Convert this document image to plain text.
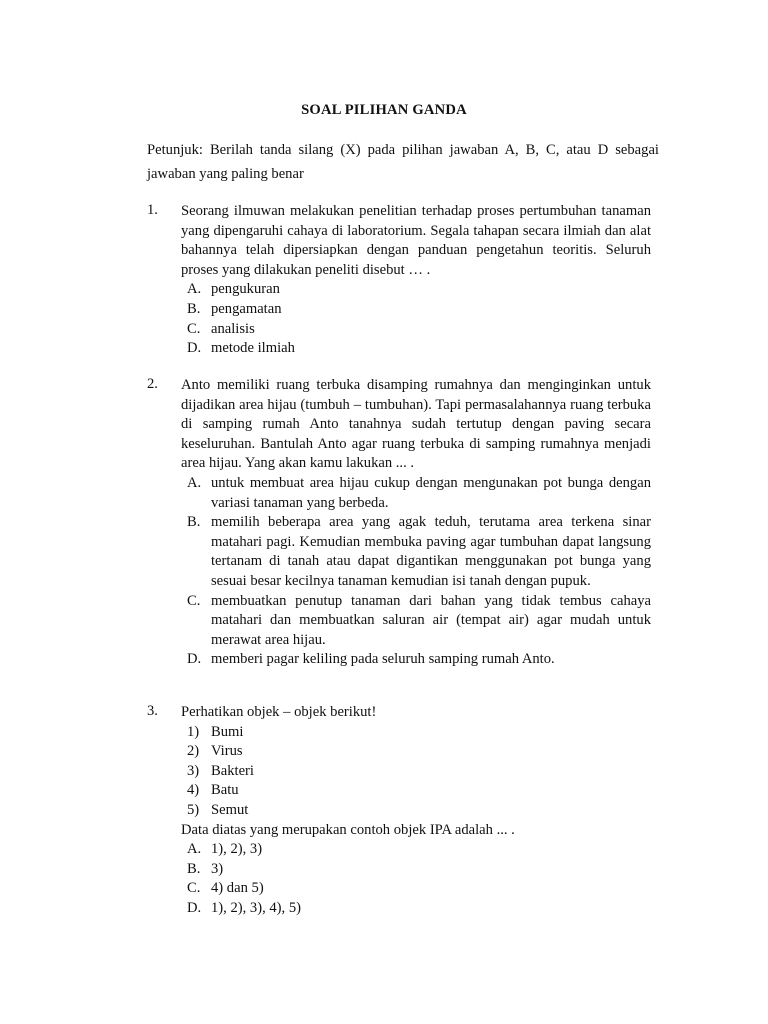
SOAL PILIHAN GANDA
Petunjuk: Berilah tanda silang (X) pada pilihan jawaban A, B, C, atau D sebagai jawaban yang paling benar
1. Seorang ilmuwan melakukan penelitian terhadap proses pertumbuhan tanaman yang dipengaruhi cahaya di laboratorium. Segala tahapan secara ilmiah dan alat bahannya telah dipersiapkan dengan panduan pengetahun teoritis. Seluruh proses yang dilakukan peneliti disebut … .
A. pengukuran
B. pengamatan
C. analisis
D. metode ilmiah
2. Anto memiliki ruang terbuka disamping rumahnya dan menginginkan untuk dijadikan area hijau (tumbuh – tumbuhan). Tapi permasalahannya ruang terbuka di samping rumah Anto tanahnya sudah tertutup dengan paving secara keseluruhan. Bantulah Anto agar ruang terbuka di samping rumahnya menjadi area hijau. Yang akan kamu lakukan ... .
A. untuk membuat area hijau cukup dengan mengunakan pot bunga dengan variasi tanaman yang berbeda.
B. memilih beberapa area yang agak teduh, terutama area terkena sinar matahari pagi. Kemudian membuka paving agar tumbuhan dapat langsung tertanam di tanah atau dapat digantikan menggunakan pot bunga yang sesuai besar kecilnya tanaman kemudian isi tanah dengan pupuk.
C. membuatkan penutup tanaman dari bahan yang tidak tembus cahaya matahari dan membuatkan saluran air (tempat air) agar mudah untuk merawat area hijau.
D. memberi pagar keliling pada seluruh samping rumah Anto.
3. Perhatikan objek – objek berikut!
1) Bumi
2) Virus
3) Bakteri
4) Batu
5) Semut
Data diatas yang merupakan contoh objek IPA adalah ... .
A. 1), 2), 3)
B. 3)
C. 4) dan 5)
D. 1), 2), 3), 4), 5)
